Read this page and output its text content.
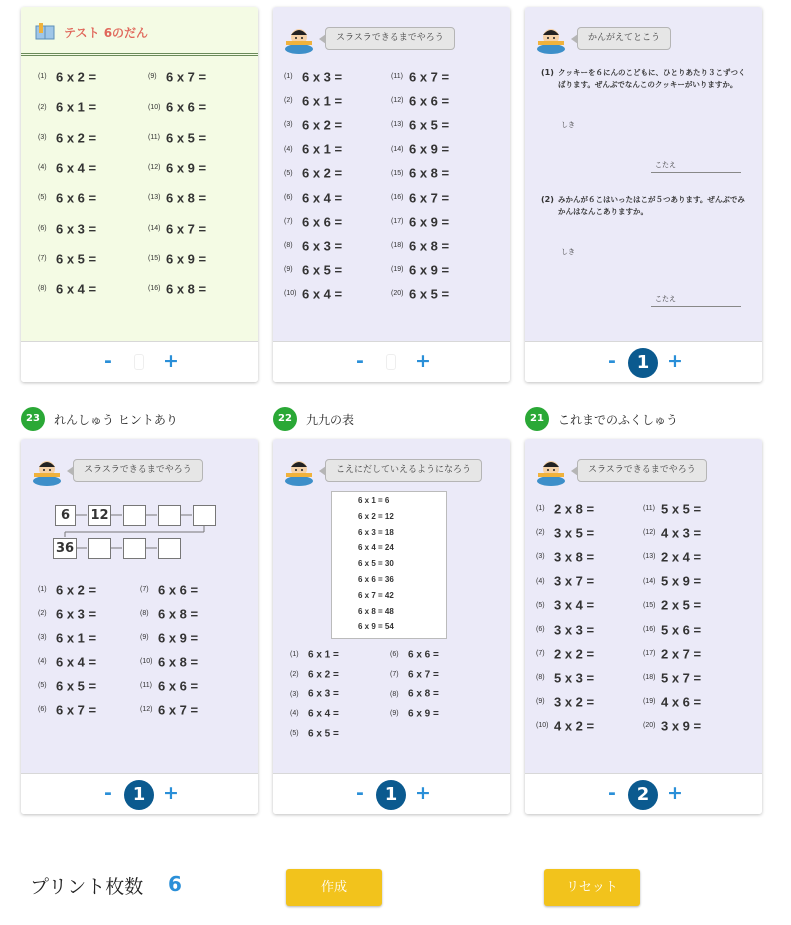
テスト 6のだん
(1) 6 x 2 =
(2) 6 x 1 =
(3) 6 x 2 =
(4) 6 x 4 =
(5) 6 x 6 =
(6) 6 x 3 =
(7) 6 x 5 =
(8) 6 x 4 =
(9) 6 x 7 =
(10) 6 x 6 =
(11) 6 x 5 =
(12) 6 x 9 =
(13) 6 x 8 =
(14) 6 x 7 =
(15) 6 x 9 =
(16) 6 x 8 =
-	+
スラスラできるまでやろう
(1) 6 x 3 =
(2) 6 x 1 =
(3) 6 x 2 =
(4) 6 x 1 =
(5) 6 x 2 =
(6) 6 x 4 =
(7) 6 x 6 =
(8) 6 x 3 =
(9) 6 x 5 =
(10) 6 x 4 =
(11) 6 x 7 =
(12) 6 x 6 =
(13) 6 x 5 =
(14) 6 x 9 =
(15) 6 x 8 =
(16) 6 x 7 =
(17) 6 x 9 =
(18) 6 x 8 =
(19) 6 x 9 =
(20) 6 x 5 =
-	+
かんがえてとこう
(1) クッキーを６にんのこどもに、ひとりあたり３こずつくばります。ぜんぶでなんこのクッキーがいりますか。
しき
こたえ
(2) みかんが６こはいったはこが５つあります。ぜんぶでみかんはなんこありますか。
しき
こたえ
-	1 +
23	れんしゅう ヒントあり	22	九九の表	21	これまでのふくしゅう
スラスラできるまでやろう
6	12
36
(1) 6 x 2 =
(2) 6 x 3 =
(3) 6 x 1 =
(4) 6 x 4 =
(5) 6 x 5 =
(6) 6 x 7 =
(7) 6 x 6 =
(8) 6 x 8 =
(9) 6 x 9 =
(10) 6 x 8 =
(11) 6 x 6 =
(12) 6 x 7 =
-	1 +
こえにだしていえるようになろう
6 x 1 = 6
6 x 2 = 12
6 x 3 = 18
6 x 4 = 24
6 x 5 = 30
6 x 6 = 36
6 x 7 = 42
6 x 8 = 48
6 x 9 = 54
(1) 6 x 1 =
(2) 6 x 2 =
(3) 6 x 3 =
(4) 6 x 4 =
(5) 6 x 5 =
(6) 6 x 6 =
(7) 6 x 7 =
(8) 6 x 8 =
(9) 6 x 9 =
-	1 +
スラスラできるまでやろう
(1) 2 x 8 =
(2) 3 x 5 =
(3) 3 x 8 =
(4) 3 x 7 =
(5) 3 x 4 =
(6) 3 x 3 =
(7) 2 x 2 =
(8) 5 x 3 =
(9) 3 x 2 =
(10) 4 x 2 =
(11) 5 x 5 =
(12) 4 x 3 =
(13) 2 x 4 =
(14) 5 x 9 =
(15) 2 x 5 =
(16) 5 x 6 =
(17) 2 x 7 =
(18) 5 x 7 =
(19) 4 x 6 =
(20) 3 x 9 =
-	2 +
プリント枚数 6	作成	リセット
